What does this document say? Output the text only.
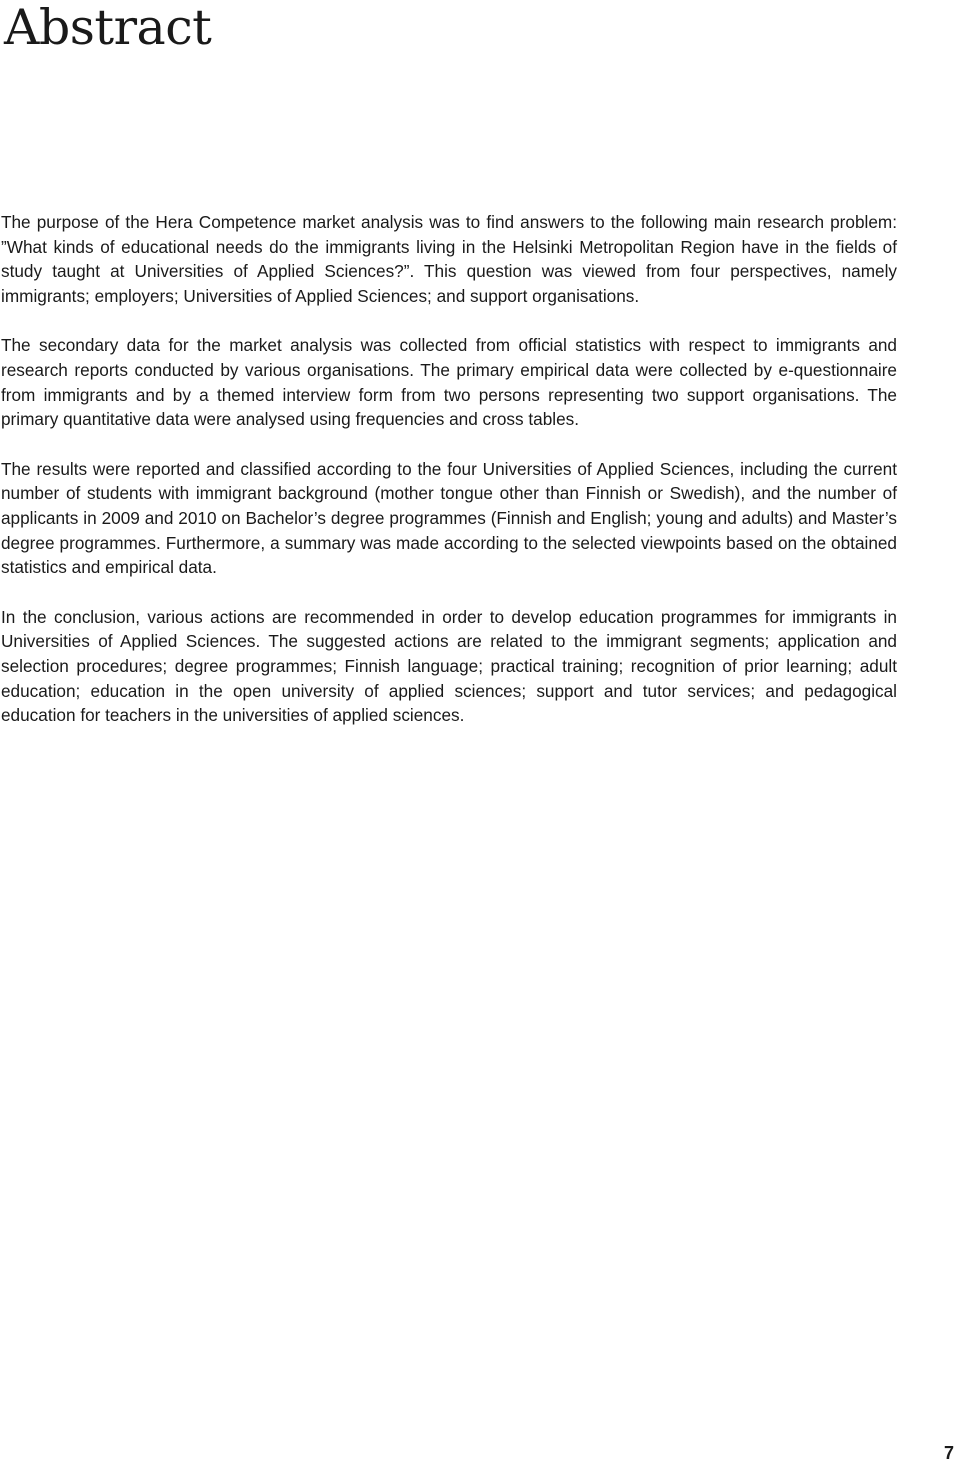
Abstract

The purpose of the Hera Competence market analysis was to find answers to the following main research problem: ”What kinds of educational needs do the immigrants living in the Helsinki Metropolitan Region have in the fields of study taught at Universities of Applied Sciences?”. This question was viewed from four perspectives, namely immigrants; employers; Universities of Applied Sciences; and support organisations.

The secondary data for the market analysis was collected from official statistics with respect to immigrants and research reports conducted by various organisations. The primary empirical data were collected by e-questionnaire from immigrants and by a themed interview form from two persons representing two support organisations. The primary quantitative data were analysed using frequencies and cross tables.

The results were reported and classified according to the four Universities of Applied Sciences, including the current number of students with immigrant background (mother tongue other than Finnish or Swedish), and the number of applicants in 2009 and 2010 on Bachelor’s degree programmes (Finnish and English; young and adults) and Master’s degree programmes. Furthermore, a summary was made according to the selected viewpoints based on the obtained statistics and empirical data.

In the conclusion, various actions are recommended in order to develop education programmes for immigrants in Universities of Applied Sciences. The suggested actions are related to the immigrant segments; application and selection procedures; degree programmes; Finnish language; practical training; recognition of prior learning; adult education; education in the open university of applied sciences; support and tutor services; and pedagogical education for teachers in the universities of applied sciences.

7
